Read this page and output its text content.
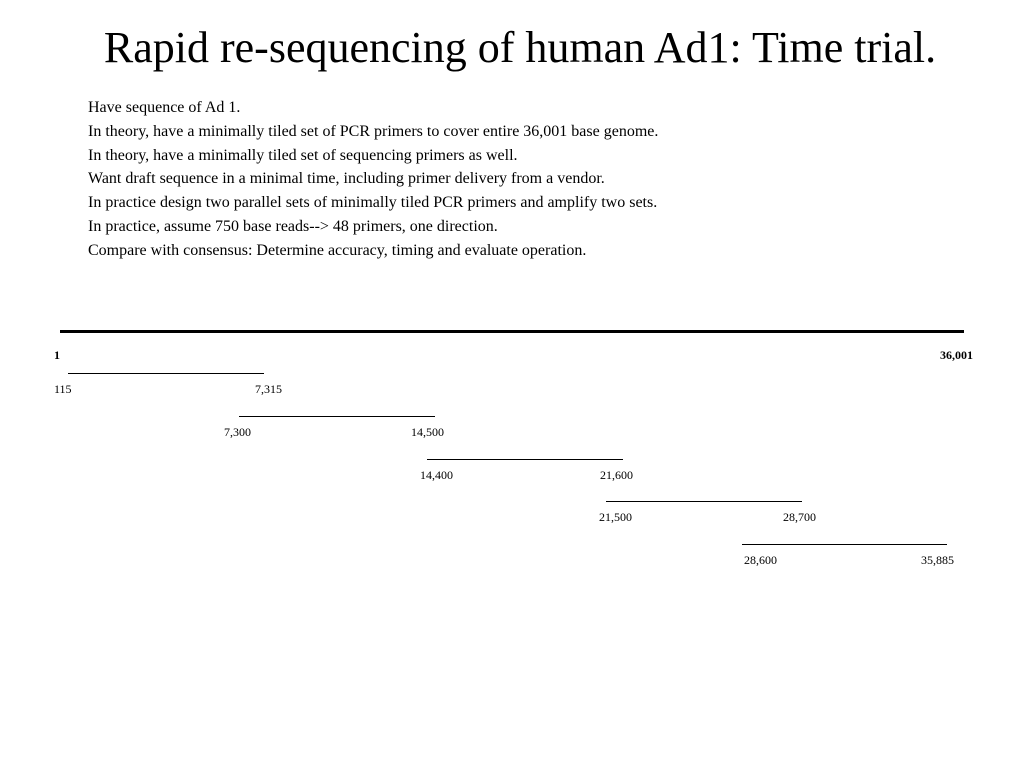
Rapid re-sequencing of human Ad1: Time trial.
Have sequence of Ad 1.
In theory, have a minimally tiled set of PCR primers to cover entire 36,001 base genome.
In theory, have a minimally tiled set of sequencing primers as well.
Want draft sequence in a minimal time, including primer delivery from a vendor.
In practice design two parallel sets of minimally tiled PCR primers and amplify two sets.
In practice, assume 750 base reads--> 48 primers, one direction.
Compare with consensus: Determine accuracy, timing and evaluate operation.
1	36,001
115	7,315
7,300	14,500
14,400	21,600
21,500	28,700
28,600	35,885
